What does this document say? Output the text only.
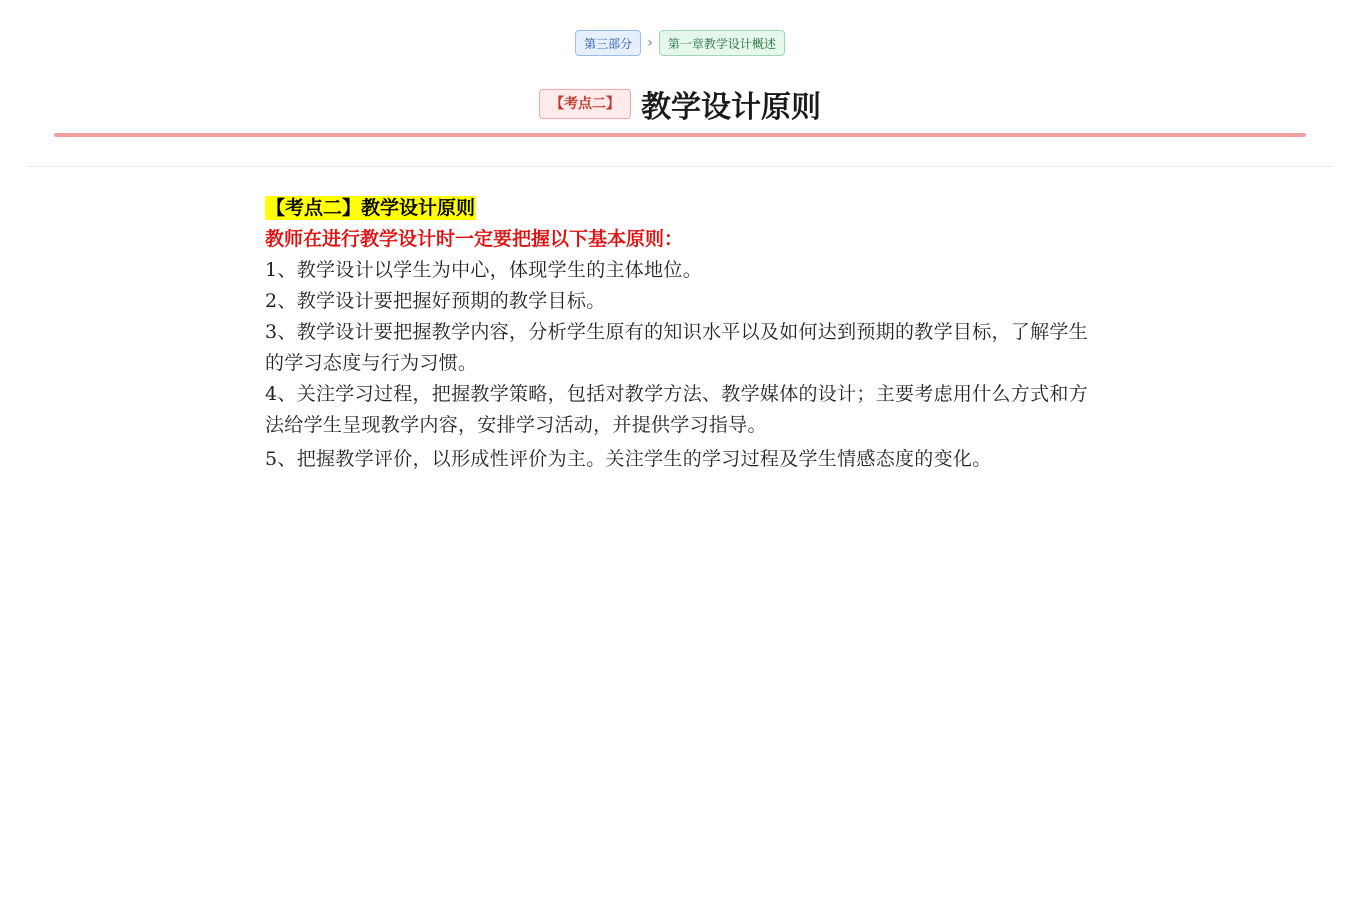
第三部分	›	第一章教学设计概述
【考点二】 教学设计原则

【考点二】教学设计原则

教师在进行教学设计时一定要把握以下基本原则：

1、教学设计以学生为中心，体现学生的主体地位。

2、教学设计要把握好预期的教学目标。

3、教学设计要把握教学内容，分析学生原有的知识水平以及如何达到预期的教学目标，了解学生的学习态度与行为习惯。

4、关注学习过程，把握教学策略，包括对教学方法、教学媒体的设计；主要考虑用什么方式和方法给学生呈现教学内容，安排学习活动，并提供学习指导。

5、把握教学评价，以形成性评价为主。关注学生的学习过程及学生情感态度的变化。
